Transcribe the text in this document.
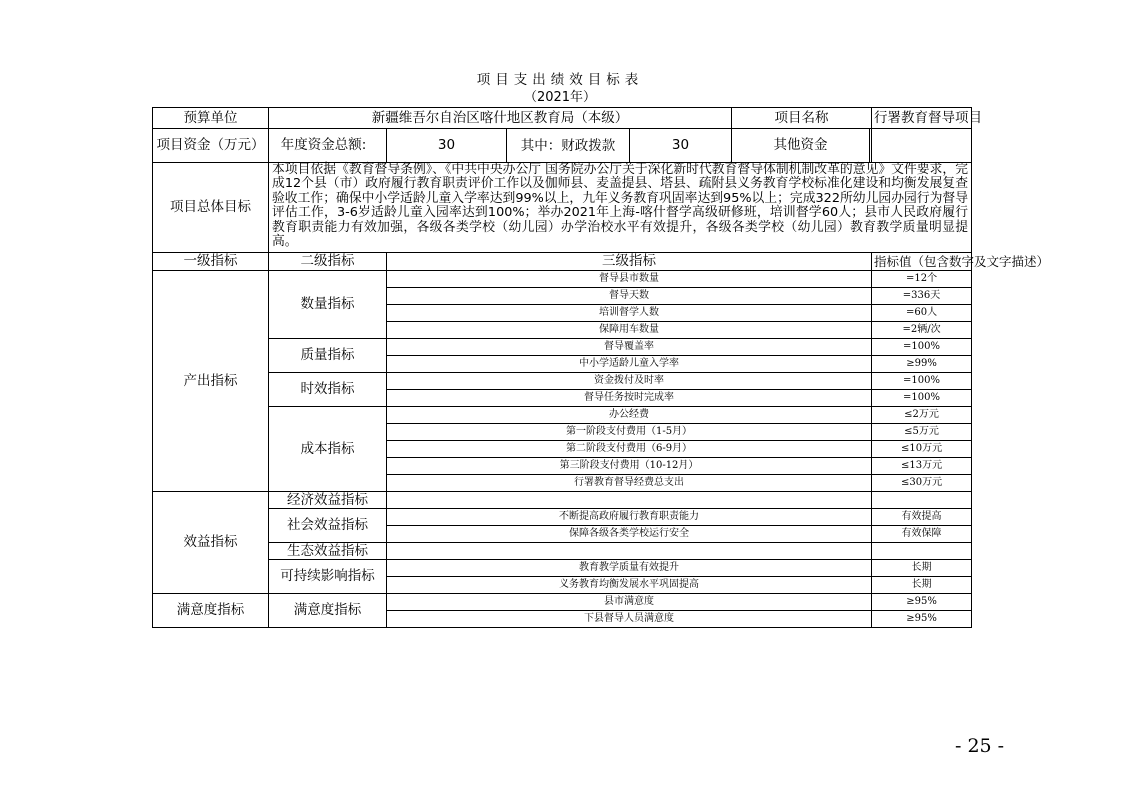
项目支出绩效目标表
（2021年）
预算单位	新疆维吾尔自治区喀什地区教育局（本级）			项目名称	行署教育督导项目
项目资金（万元）	年度资金总额:	30	其中：财政拨款 30	其他资金	

项目总体目标	本项目依据《教育督导条例》、《中共中央办公厅 国务院办公厅关于深化新时代教育督导体制机制改革的意见》文件要求，完成12个县（市）政府履行教育职责评价工作以及伽师县、麦盖提县、塔县、疏附县义务教育学校标准化建设和均衡发展复查验收工作；确保中小学适龄儿童入学率达到99%以上，九年义务教育巩固率达到95%以上；完成322所幼儿园办园行为督导评估工作，3-6岁适龄儿童入园率达到100%；举办2021年上海-喀什督学高级研修班，培训督学60人；县市人民政府履行教育职责能力有效加强，各级各类学校（幼儿园）办学治校水平有效提升，各级各类学校（幼儿园）教育教学质量明显提高。				
一级指标	二级指标	三级指标			指标值（包含数字及文字描述）
产出指标	数量指标	督导县市数量			=12个
		督导天数			=336天
		培训督学人数			=60人
		保障用车数量			=2辆/次
	质量指标	督导覆盖率			=100%
		中小学适龄儿童入学率			≥99%
	时效指标	资金拨付及时率			=100%
		督导任务按时完成率			=100%
	成本指标	办公经费			≤2万元
		第一阶段支付费用（1-5月）			≤5万元
		第二阶段支付费用（6-9月）			≤10万元
		第三阶段支付费用（10-12月）			≤13万元
		行署教育督导经费总支出			≤30万元
效益指标	经济效益指标				
	社会效益指标	不断提高政府履行教育职责能力			有效提高
		保障各级各类学校运行安全			有效保障
	生态效益指标				
	可持续影响指标	教育教学质量有效提升			长期
		义务教育均衡发展水平巩固提高			长期
满意度指标	满意度指标	县市满意度			≥95%
		下县督导人员满意度			≥95%
- 25 -
